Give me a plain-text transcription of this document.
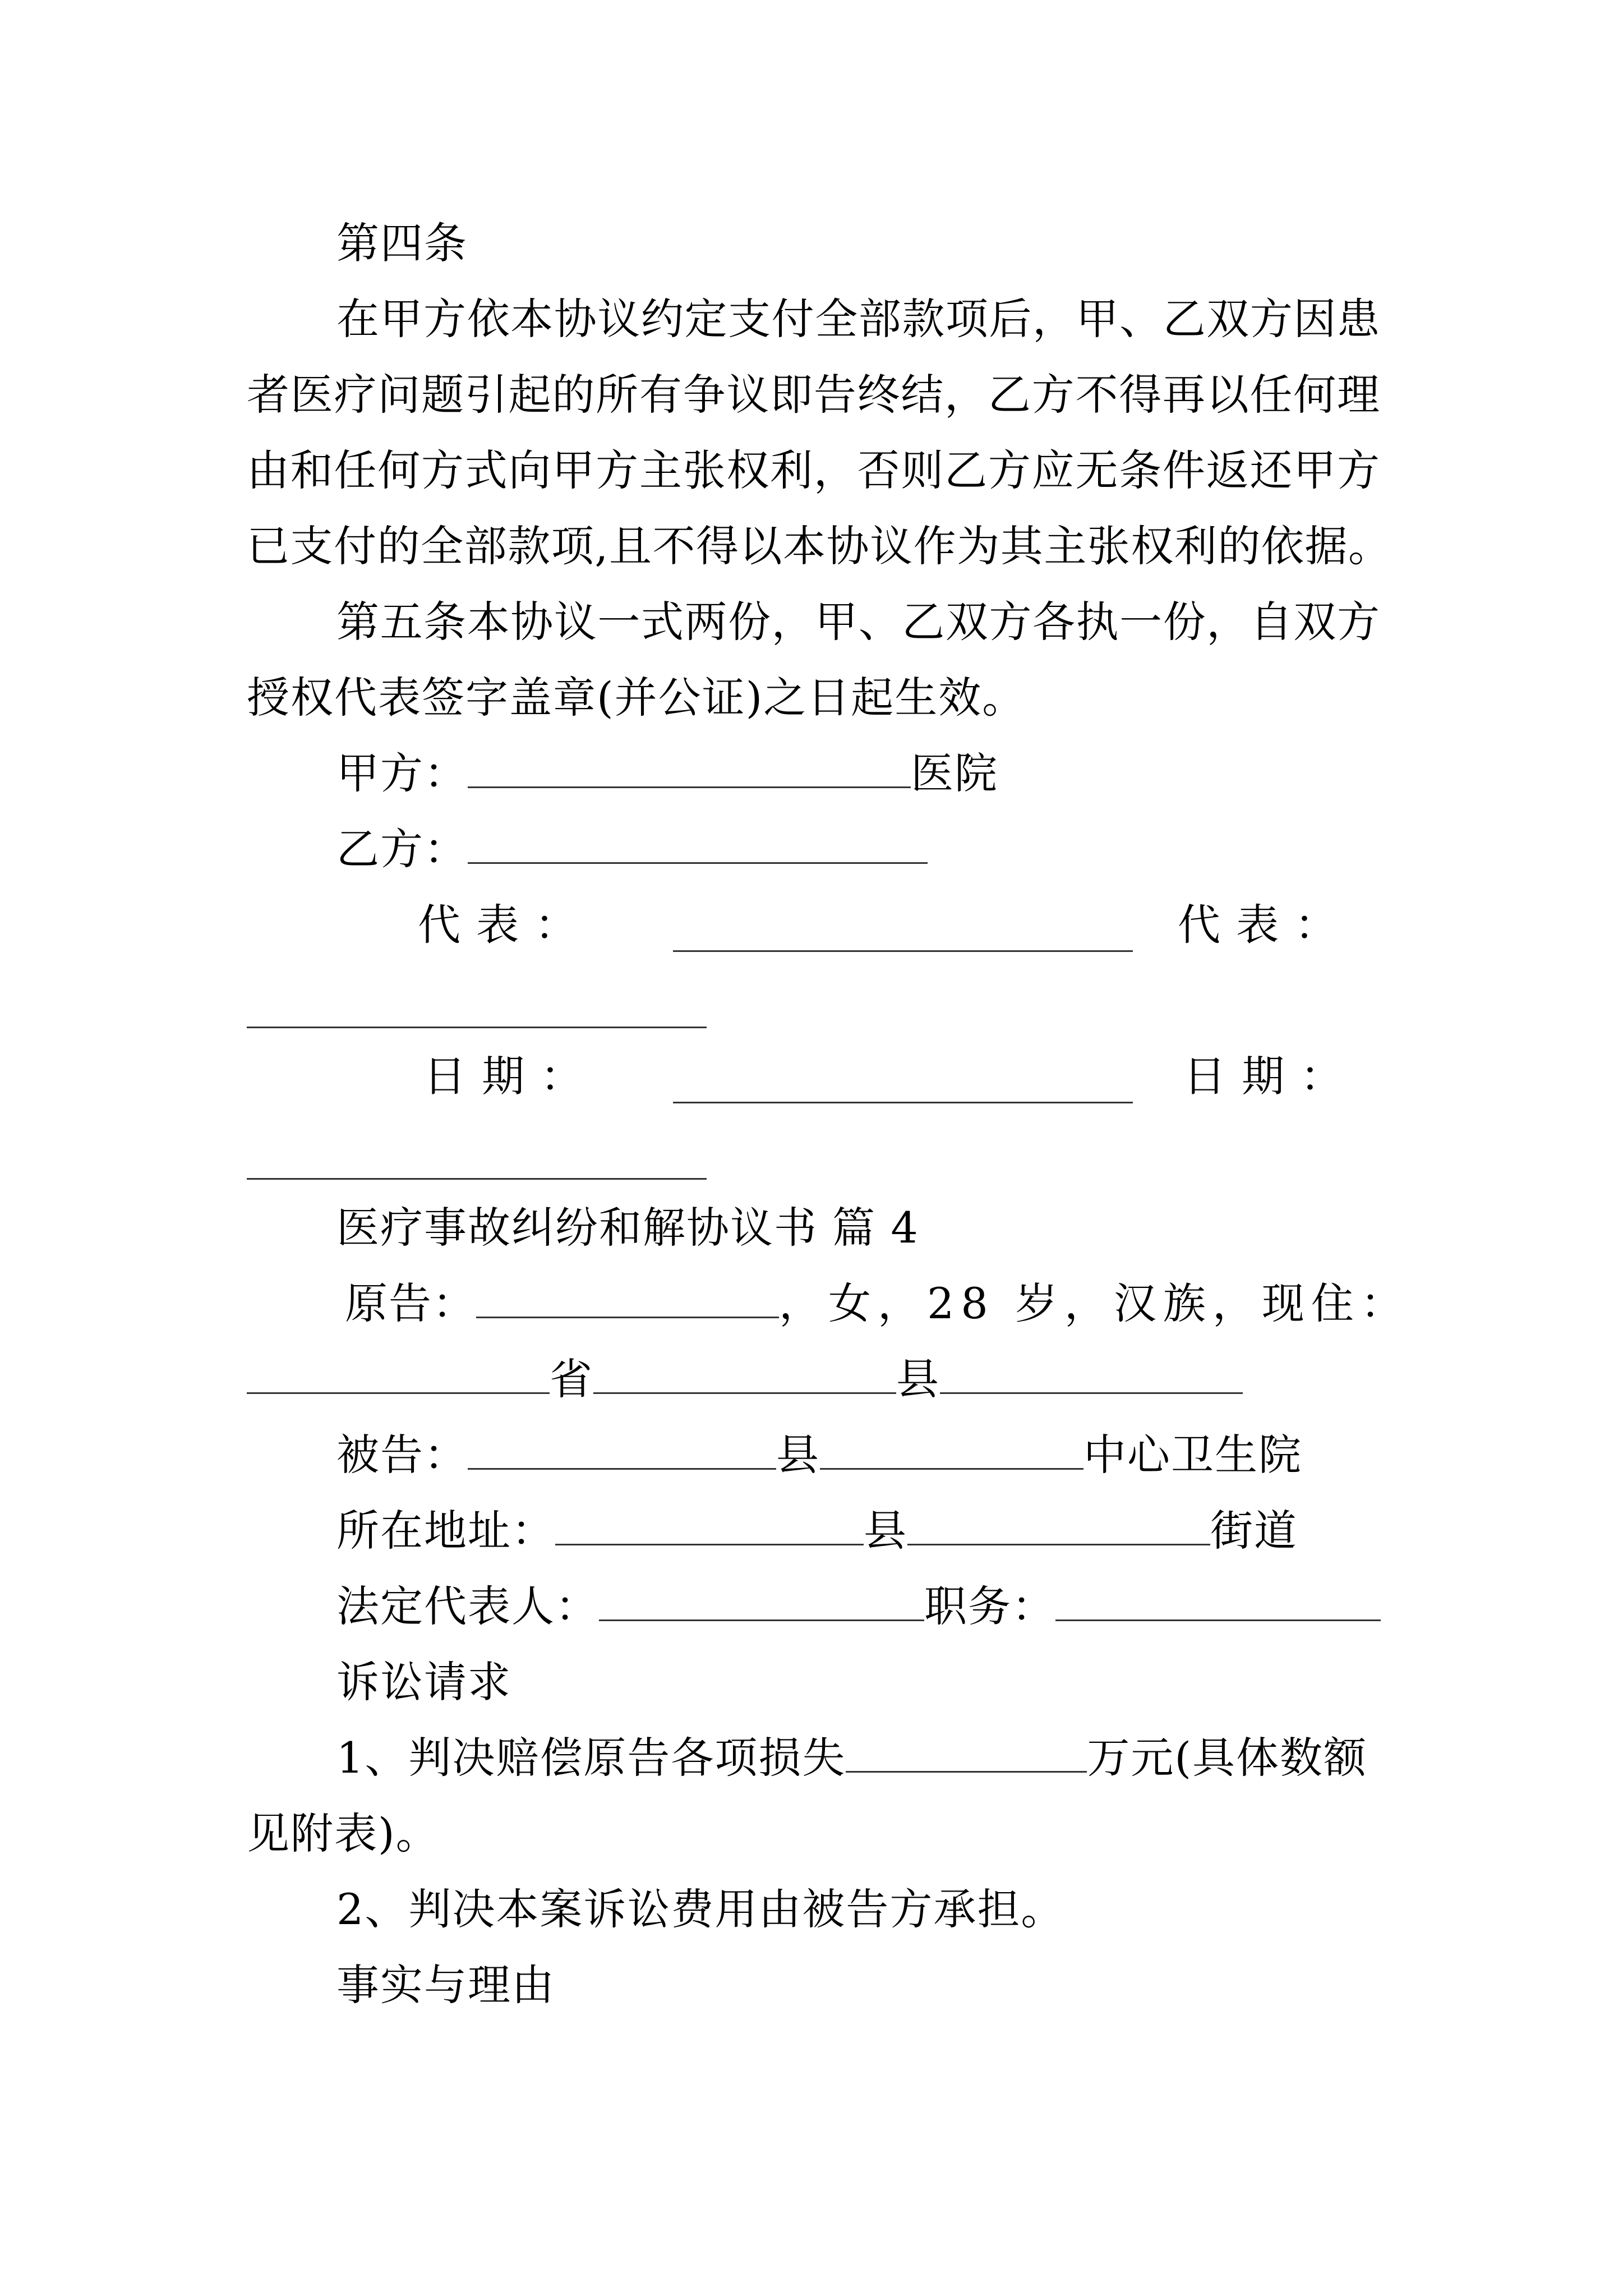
第四条
在甲方依本协议约定支付全部款项后，甲、乙双方因患
者医疗问题引起的所有争议即告终结，乙方不得再以任何理
由和任何方式向甲方主张权利，否则乙方应无条件返还甲方
已支付的全部款项,且不得以本协议作为其主张权利的依据。
第五条本协议一式两份，甲、乙双方各执一份，自双方
授权代表签字盖章(并公证)之日起生效。
甲方：	医院
乙方：
代 表 ：	代 表 ：
日 期 ：	日 期 ：
医疗事故纠纷和解协议书 篇 4
原告：	，女，28 岁，汉族，现住：
省	县
被告：	县	中心卫生院
所在地址：	县	街道
法定代表人：	职务：
诉讼请求
1、判决赔偿原告各项损失	万元(具体数额
见附表)。
2、判决本案诉讼费用由被告方承担。
事实与理由
